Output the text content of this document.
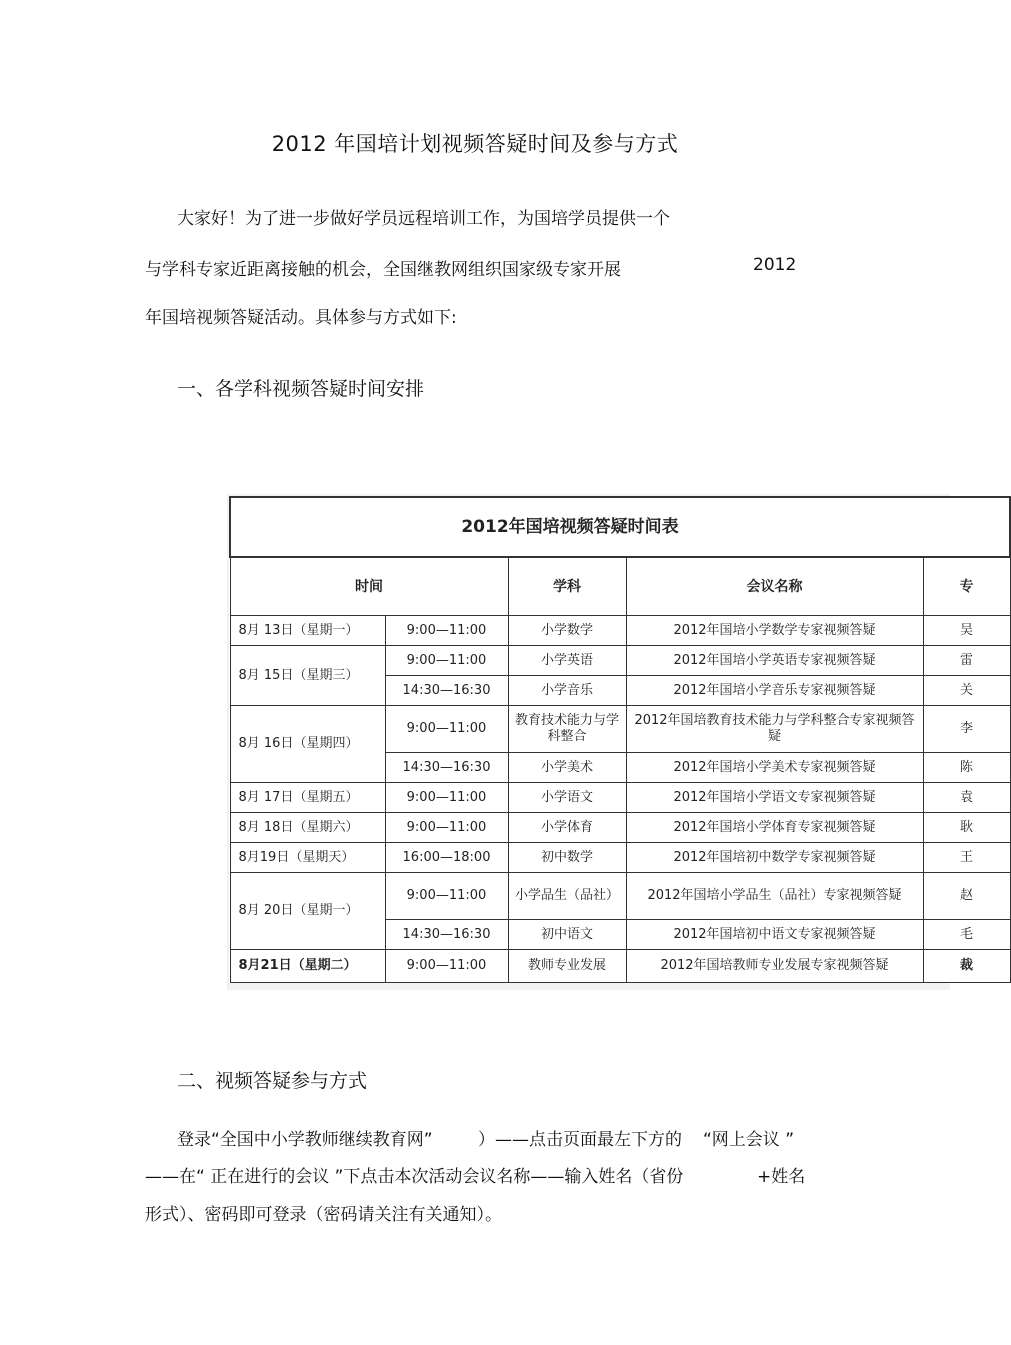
2012 年国培计划视频答疑时间及参与方式
大家好！为了进一步做好学员远程培训工作，为国培学员提供一个
与学科专家近距离接触的机会，全国继教网组织国家级专家开展	2012
年国培视频答疑活动。具体参与方式如下:
一、各学科视频答疑时间安排
2012年国培视频答疑时间表				
时间		学科	会议名称	专
8月 13日（星期一）	9:00—11:00	小学数学	2012年国培小学数学专家视频答疑	吴
8月 15日（星期三）	9:00—11:00	小学英语	2012年国培小学英语专家视频答疑	雷
	14:30—16:30	小学音乐	2012年国培小学音乐专家视频答疑	关
8月 16日（星期四）	9:00—11:00	教育技术能力与学科整合	2012年国培教育技术能力与学科整合专家视频答疑	李
	14:30—16:30	小学美术	2012年国培小学美术专家视频答疑	陈
8月 17日（星期五）	9:00—11:00	小学语文	2012年国培小学语文专家视频答疑	袁
8月 18日（星期六）	9:00—11:00	小学体育	2012年国培小学体育专家视频答疑	耿
8月19日（星期天）	16:00—18:00	初中数学	2012年国培初中数学专家视频答疑	王
8月 20日（星期一）	9:00—11:00	小学品生（品社）	2012年国培小学品生（品社）专家视频答疑	赵
	14:30—16:30	初中语文	2012年国培初中语文专家视频答疑	毛
8月21日（星期二）	9:00—11:00	教师专业发展	2012年国培教师专业发展专家视频答疑	裁
二、视频答疑参与方式
登录“全国中小学教师继续教育网”	）——点击页面最左下方的 “网上会议 ”
——在“ 正在进行的会议 ”下点击本次活动会议名称——输入姓名（省份	+姓名
形式）、密码即可登录（密码请关注有关通知）。
